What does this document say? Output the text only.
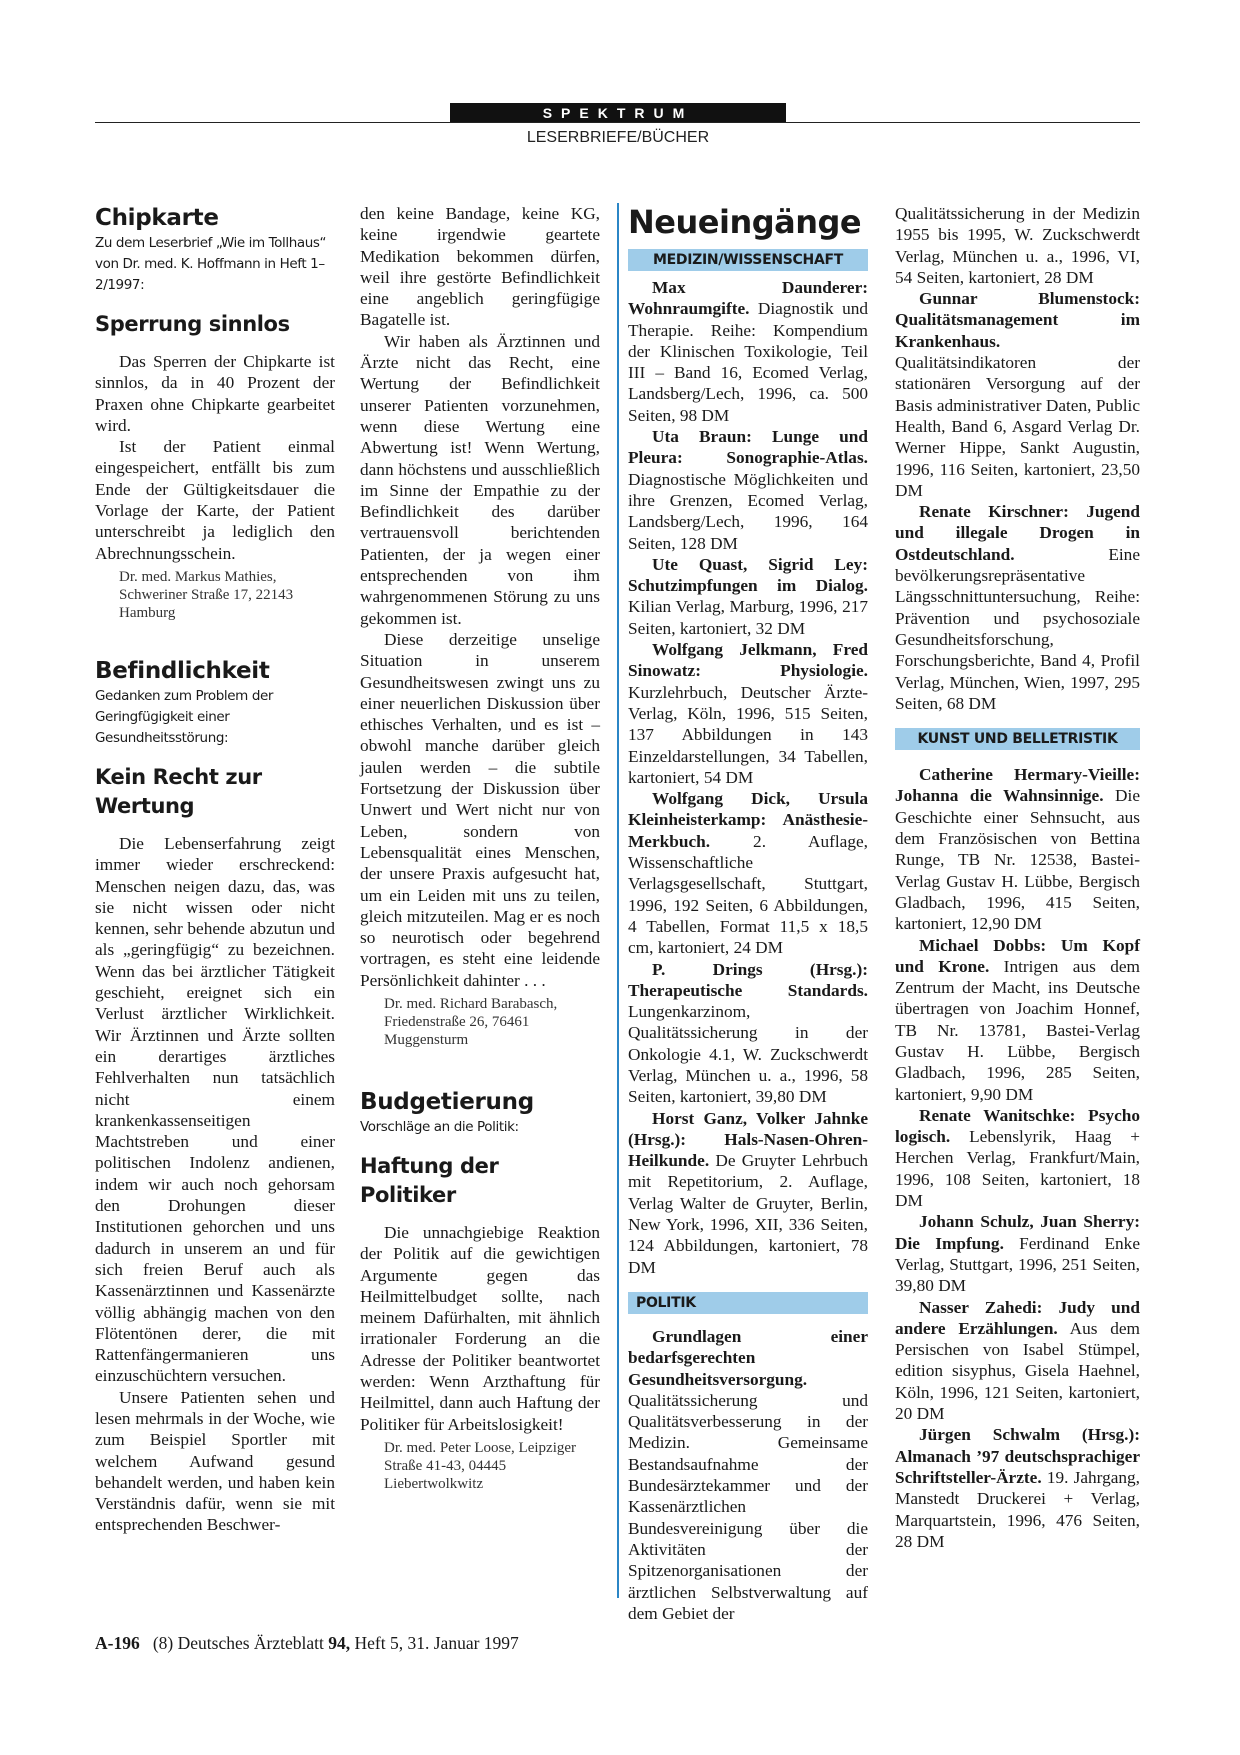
SPEKTRUM
LESERBRIEFE/BÜCHER
Chipkarte

Zu dem Leserbrief „Wie im Tollhaus“ von Dr. med. K. Hoffmann in Heft 1–2/1997:

Sperrung sinnlos

Das Sperren der Chipkarte ist sinnlos, da in 40 Prozent der Praxen ohne Chipkarte gearbeitet wird.

Ist der Patient einmal eingespeichert, entfällt bis zum Ende der Gültigkeitsdauer die Vorlage der Karte, der Patient unterschreibt ja lediglich den Abrechnungsschein.

Dr. med. Markus Mathies, Schweriner Straße 17, 22143 Hamburg

Befindlichkeit

Gedanken zum Problem der Geringfügigkeit einer Gesundheitsstörung:

Kein Recht zur Wertung

Die Lebenserfahrung zeigt immer wieder erschreckend: Menschen neigen dazu, das, was sie nicht wissen oder nicht kennen, sehr behende abzutun und als „geringfügig“ zu bezeichnen. Wenn das bei ärztlicher Tätigkeit geschieht, ereignet sich ein Verlust ärztlicher Wirklichkeit. Wir Ärztinnen und Ärzte sollten ein derartiges ärztliches Fehlverhalten nun tatsächlich nicht einem krankenkassenseitigen Machtstreben und einer politischen Indolenz andienen, indem wir auch noch gehorsam den Drohungen dieser Institutionen gehorchen und uns dadurch in unserem an und für sich freien Beruf auch als Kassenärztinnen und Kassenärzte völlig abhängig machen von den Flötentönen derer, die mit Rattenfängermanieren uns einzuschüchtern versuchen.

Unsere Patienten sehen und lesen mehrmals in der Woche, wie zum Beispiel Sportler mit welchem Aufwand gesund behandelt werden, und haben kein Verständnis dafür, wenn sie mit entsprechenden Beschwer-

den keine Bandage, keine KG, keine irgendwie geartete Medikation bekommen dürfen, weil ihre gestörte Befindlichkeit eine angeblich geringfügige Bagatelle ist.

Wir haben als Ärztinnen und Ärzte nicht das Recht, eine Wertung der Befindlichkeit unserer Patienten vorzunehmen, wenn diese Wertung eine Abwertung ist! Wenn Wertung, dann höchstens und ausschließlich im Sinne der Empathie zu der Befindlichkeit des darüber vertrauensvoll berichtenden Patienten, der ja wegen einer entsprechenden von ihm wahrgenommenen Störung zu uns gekommen ist.

Diese derzeitige unselige Situation in unserem Gesundheitswesen zwingt uns zu einer neuerlichen Diskussion über ethisches Verhalten, und es ist – obwohl manche darüber gleich jaulen werden – die subtile Fortsetzung der Diskussion über Unwert und Wert nicht nur von Leben, sondern von Lebensqualität eines Menschen, der unsere Praxis aufgesucht hat, um ein Leiden mit uns zu teilen, gleich mitzuteilen. Mag er es noch so neurotisch oder begehrend vortragen, es steht eine leidende Persönlichkeit dahinter . . .

Dr. med. Richard Barabasch, Friedenstraße 26, 76461 Muggensturm

Budgetierung

Vorschläge an die Politik:

Haftung der Politiker

Die unnachgiebige Reaktion der Politik auf die gewichtigen Argumente gegen das Heilmittelbudget sollte, nach meinem Dafürhalten, mit ähnlich irrationaler Forderung an die Adresse der Politiker beantwortet werden: Wenn Arzthaftung für Heilmittel, dann auch Haftung der Politiker für Arbeitslosigkeit!

Dr. med. Peter Loose, Leipziger Straße 41-43, 04445 Liebertwolkwitz

Neueingänge
MEDIZIN/WISSENSCHAFT

Max Daunderer: Wohnraumgifte. Diagnostik und Therapie. Reihe: Kompendium der Klinischen Toxikologie, Teil III – Band 16, Ecomed Verlag, Landsberg/Lech, 1996, ca. 500 Seiten, 98 DM

Uta Braun: Lunge und Pleura: Sonographie-Atlas. Diagnostische Möglichkeiten und ihre Grenzen, Ecomed Verlag, Landsberg/Lech, 1996, 164 Seiten, 128 DM

Ute Quast, Sigrid Ley: Schutzimpfungen im Dialog. Kilian Verlag, Marburg, 1996, 217 Seiten, kartoniert, 32 DM

Wolfgang Jelkmann, Fred Sinowatz: Physiologie. Kurzlehrbuch, Deutscher Ärzte-Verlag, Köln, 1996, 515 Seiten, 137 Abbildungen in 143 Einzeldarstellungen, 34 Tabellen, kartoniert, 54 DM

Wolfgang Dick, Ursula Kleinheisterkamp: Anästhesie-Merkbuch. 2. Auflage, Wissenschaftliche Verlagsgesellschaft, Stuttgart, 1996, 192 Seiten, 6 Abbildungen, 4 Tabellen, Format 11,5 x 18,5 cm, kartoniert, 24 DM

P. Drings (Hrsg.): Therapeutische Standards. Lungenkarzinom, Qualitätssicherung in der Onkologie 4.1, W. Zuckschwerdt Verlag, München u. a., 1996, 58 Seiten, kartoniert, 39,80 DM

Horst Ganz, Volker Jahnke (Hrsg.): Hals-Nasen-Ohren-Heilkunde. De Gruyter Lehrbuch mit Repetitorium, 2. Auflage, Verlag Walter de Gruyter, Berlin, New York, 1996, XII, 336 Seiten, 124 Abbildungen, kartoniert, 78 DM

POLITIK

Grundlagen einer bedarfsgerechten Gesundheitsversorgung. Qualitätssicherung und Qualitätsverbesserung in der Medizin. Gemeinsame Bestandsaufnahme der Bundesärztekammer und der Kassenärztlichen Bundesvereinigung über die Aktivitäten der Spitzenorganisationen der ärztlichen Selbstverwaltung auf dem Gebiet der

Qualitätssicherung in der Medizin 1955 bis 1995, W. Zuckschwerdt Verlag, München u. a., 1996, VI, 54 Seiten, kartoniert, 28 DM

Gunnar Blumenstock: Qualitätsmanagement im Krankenhaus. Qualitätsindikatoren der stationären Versorgung auf der Basis administrativer Daten, Public Health, Band 6, Asgard Verlag Dr. Werner Hippe, Sankt Augustin, 1996, 116 Seiten, kartoniert, 23,50 DM

Renate Kirschner: Jugend und illegale Drogen in Ostdeutschland. Eine bevölkerungsrepräsentative Längsschnittuntersuchung, Reihe: Prävention und psychosoziale Gesundheitsforschung, Forschungsberichte, Band 4, Profil Verlag, München, Wien, 1997, 295 Seiten, 68 DM

KUNST UND BELLETRISTIK

Catherine Hermary-Vieille: Johanna die Wahnsinnige. Die Geschichte einer Sehnsucht, aus dem Französischen von Bettina Runge, TB Nr. 12538, Bastei-Verlag Gustav H. Lübbe, Bergisch Gladbach, 1996, 415 Seiten, kartoniert, 12,90 DM

Michael Dobbs: Um Kopf und Krone. Intrigen aus dem Zentrum der Macht, ins Deutsche übertragen von Joachim Honnef, TB Nr. 13781, Bastei-Verlag Gustav H. Lübbe, Bergisch Gladbach, 1996, 285 Seiten, kartoniert, 9,90 DM

Renate Wanitschke: Psycho logisch. Lebenslyrik, Haag + Herchen Verlag, Frankfurt/Main, 1996, 108 Seiten, kartoniert, 18 DM

Johann Schulz, Juan Sherry: Die Impfung. Ferdinand Enke Verlag, Stuttgart, 1996, 251 Seiten, 39,80 DM

Nasser Zahedi: Judy und andere Erzählungen. Aus dem Persischen von Isabel Stümpel, edition sisyphus, Gisela Haehnel, Köln, 1996, 121 Seiten, kartoniert, 20 DM

Jürgen Schwalm (Hrsg.): Almanach ’97 deutschsprachiger Schriftsteller-Ärzte. 19. Jahrgang, Manstedt Druckerei + Verlag, Marquartstein, 1996, 476 Seiten, 28 DM

A-196 (8) Deutsches Ärzteblatt 94, Heft 5, 31. Januar 1997
